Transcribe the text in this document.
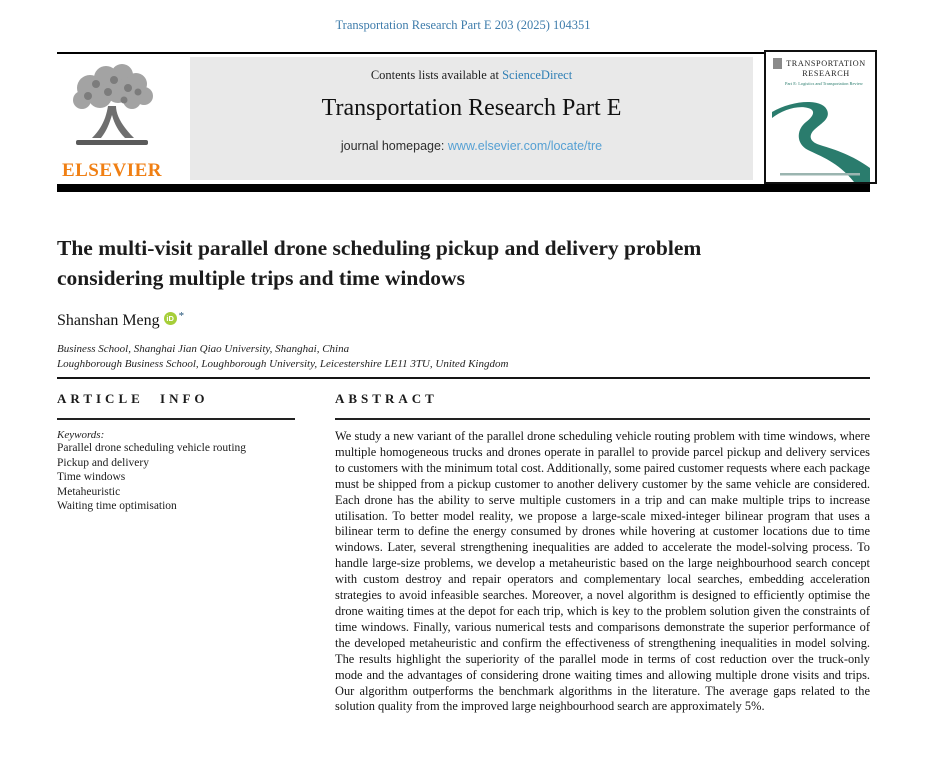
Transportation Research Part E 203 (2025) 104351
ELSEVIER
Contents lists available at ScienceDirect
Transportation Research Part E
journal homepage: www.elsevier.com/locate/tre
TRANSPORTATION
RESEARCH
Part E: Logistics and Transportation Review
The multi-visit parallel drone scheduling pickup and delivery problem considering multiple trips and time windows
Shanshan Meng iD *
Business School, Shanghai Jian Qiao University, Shanghai, China
Loughborough Business School, Loughborough University, Leicestershire LE11 3TU, United Kingdom
ARTICLE INFO
Keywords:
Parallel drone scheduling vehicle routing
Pickup and delivery
Time windows
Metaheuristic
Waiting time optimisation
ABSTRACT
We study a new variant of the parallel drone scheduling vehicle routing problem with time windows, where multiple homogeneous trucks and drones operate in parallel to provide parcel pickup and delivery services to customers with the minimum total cost. Additionally, some paired customer requests where each package must be shipped from a pickup customer to another delivery customer by the same vehicle are considered. Each drone has the ability to serve multiple customers in a trip and can make multiple trips to increase utilisation. To better model reality, we propose a large-scale mixed-integer bilinear program that uses a bilinear term to define the energy consumed by drones while hovering at customer locations due to time windows. Later, several strengthening inequalities are added to accelerate the model-solving process. To handle large-size problems, we develop a metaheuristic based on the large neighbourhood search concept with custom destroy and repair operators and complementary local searches, embedding acceleration strategies to avoid infeasible searches. Moreover, a novel algorithm is designed to efficiently optimise the drone waiting times at the depot for each trip, which is key to the problem solution given the constraints of time windows. Finally, various numerical tests and comparisons demonstrate the superior performance of the developed metaheuristic and confirm the effectiveness of strengthening inequalities in model solving. The results highlight the superiority of the parallel mode in terms of cost reduction over the truck-only mode and the advantages of considering drone waiting times and allowing multiple drone visits and trips. Our algorithm outperforms the benchmark algorithms in the literature. The average gaps related to the solution quality from the improved large neighbourhood search are approximately 5%.
